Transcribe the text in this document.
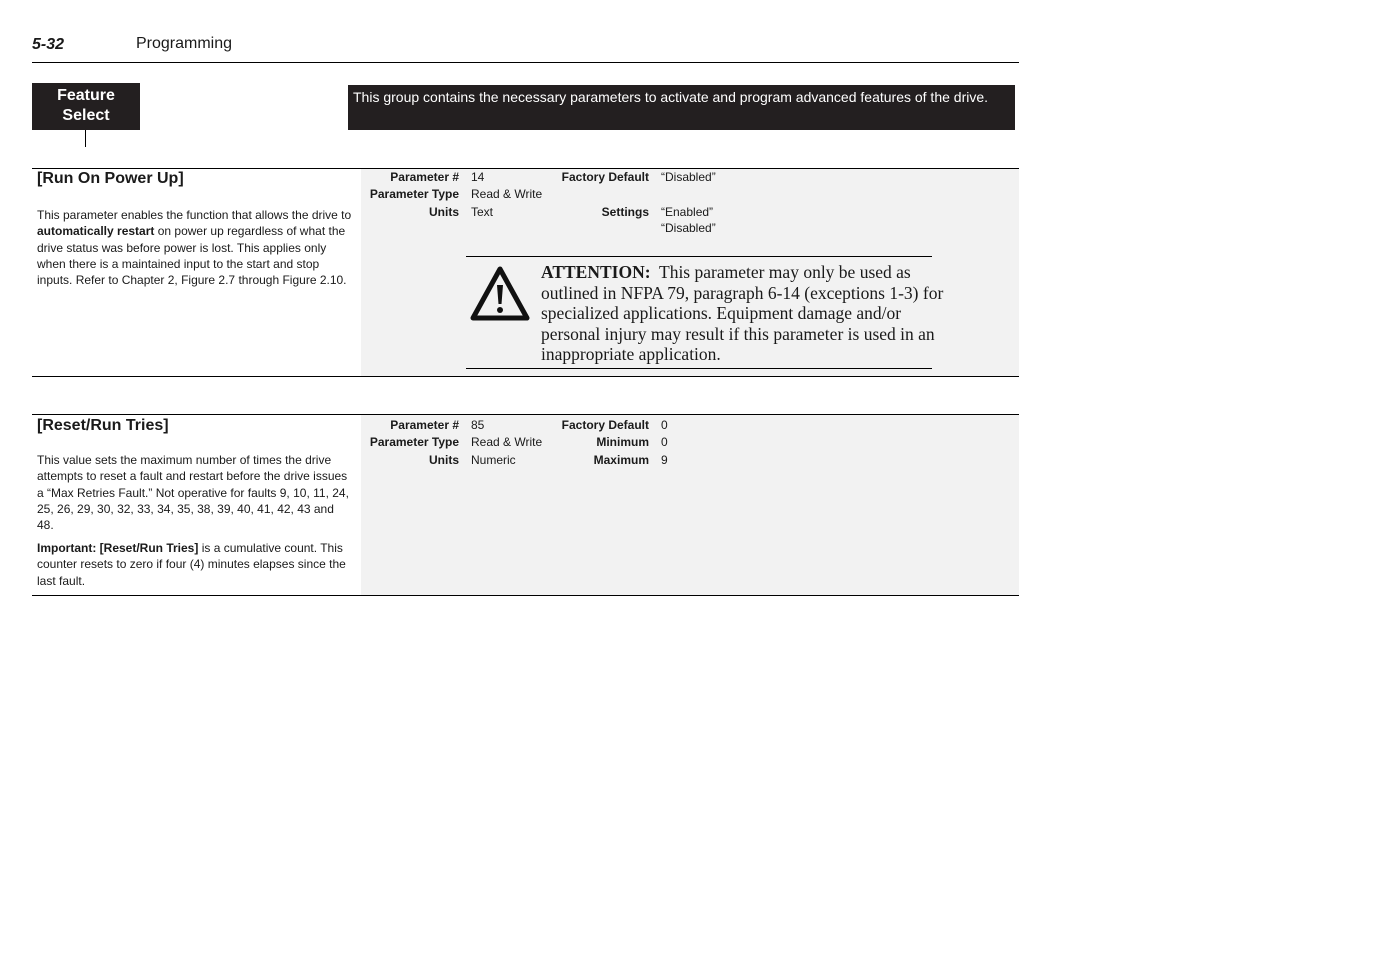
5-32	Programming
Feature
Select
This group contains the necessary parameters to activate and program advanced features of the drive.
[Run On Power Up]
This parameter enables the function that allows the drive to automatically restart on power up regardless of what the drive status was before power is lost. This applies only when there is a maintained input to the start and stop inputs. Refer to Chapter 2, Figure 2.7 through Figure 2.10.
Parameter #
Parameter Type
Units
14
Read & Write
Text
Factory Default
Settings
“Disabled”
“Enabled”
“Disabled”
ATTENTION: This parameter may only be used as outlined in NFPA 79, paragraph 6-14 (exceptions 1-3) for specialized applications. Equipment damage and/or personal injury may result if this parameter is used in an inappropriate application.
[Reset/Run Tries]
This value sets the maximum number of times the drive attempts to reset a fault and restart before the drive issues a “Max Retries Fault.” Not operative for faults 9, 10, 11, 24, 25, 26, 29, 30, 32, 33, 34, 35, 38, 39, 40, 41, 42, 43 and 48.
Important: [Reset/Run Tries] is a cumulative count. This counter resets to zero if four (4) minutes elapses since the last fault.
Parameter #
Parameter Type
Units
85
Read & Write
Numeric
Factory Default
Minimum
Maximum
0
0
9
